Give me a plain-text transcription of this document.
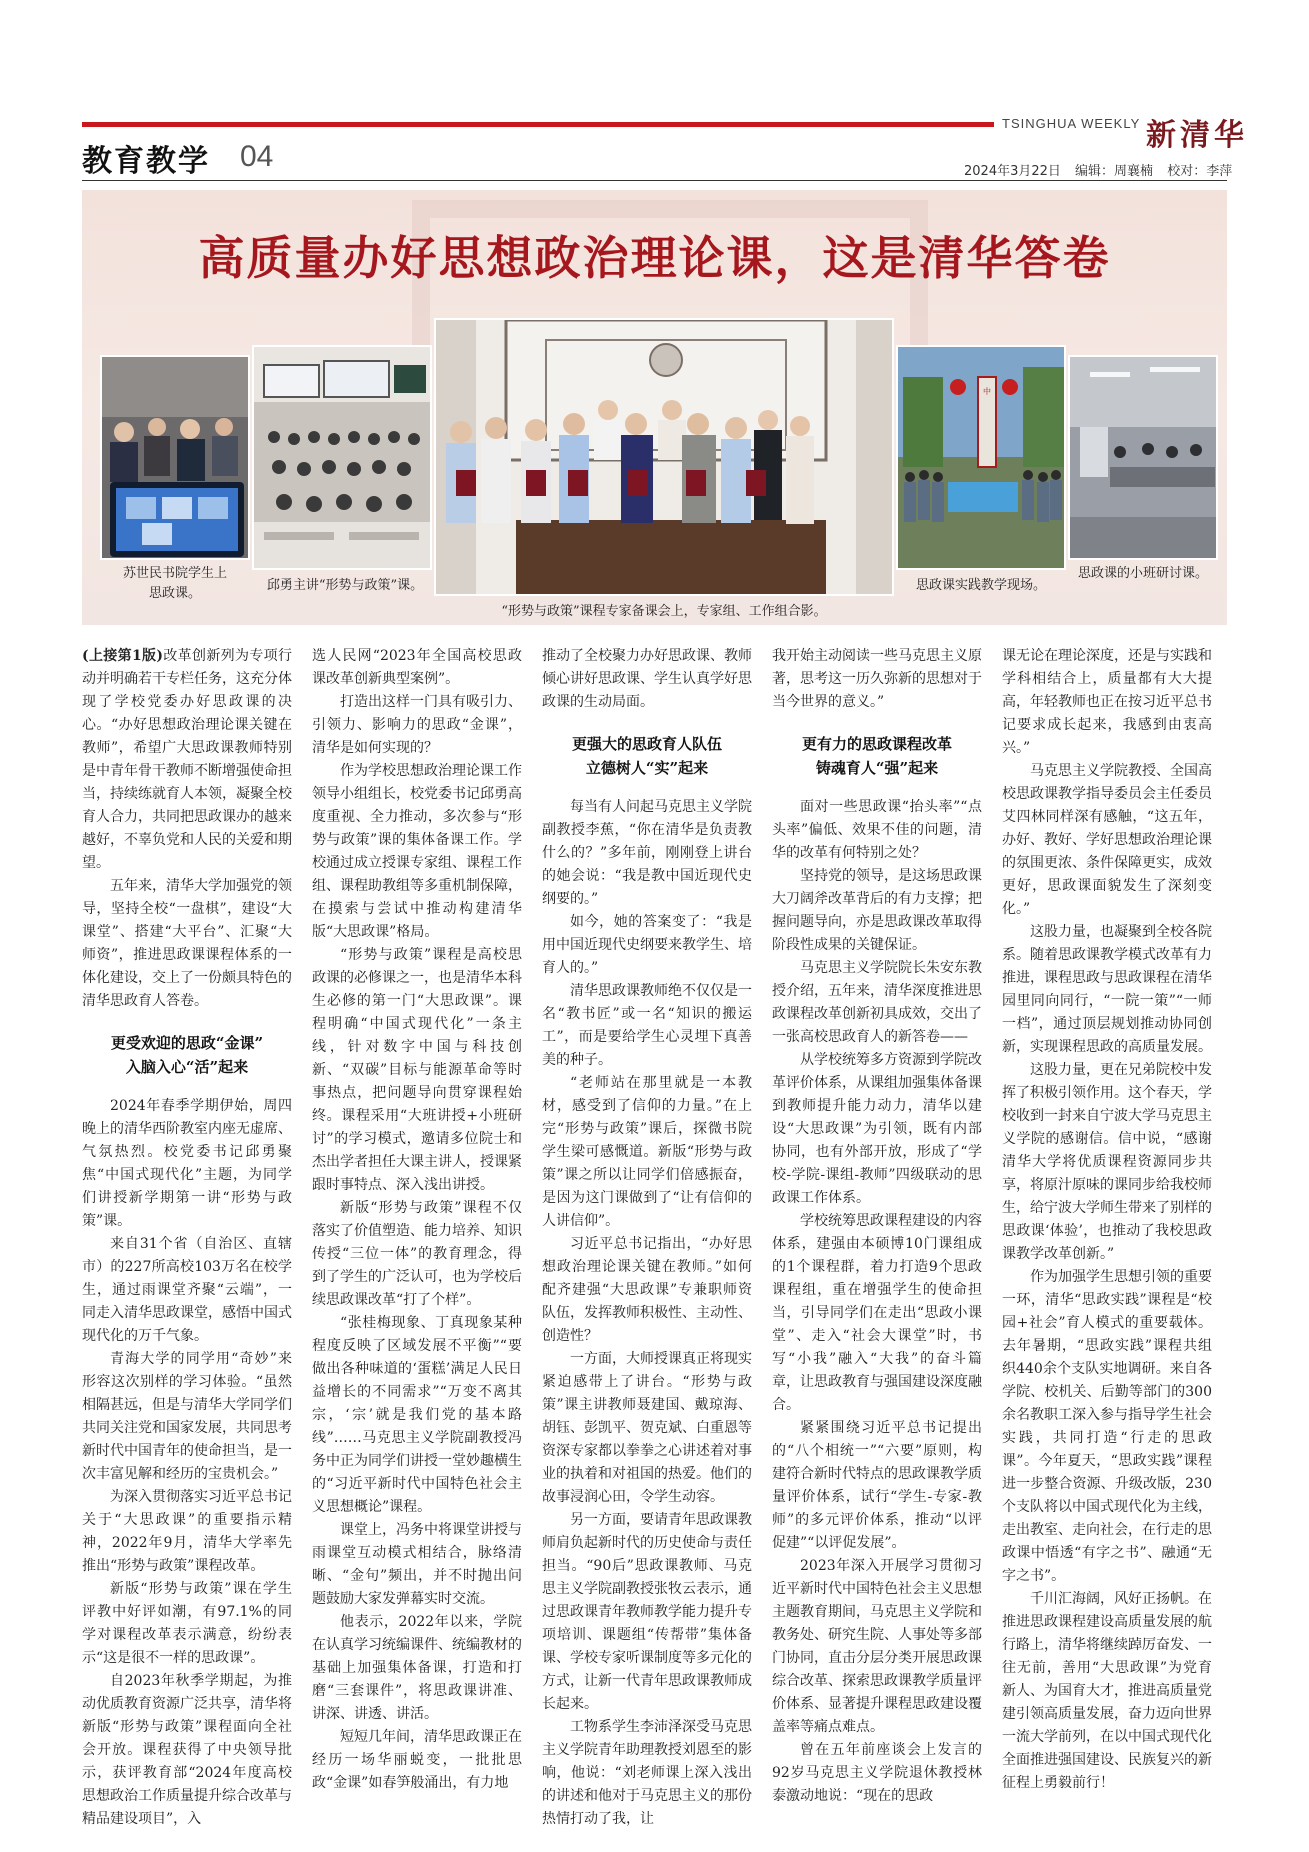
TSINGHUA WEEKLY 新清华
教育教学 04	2024年3月22日 编辑：周襄楠 校对：李萍
高质量办好思想政治理论课，这是清华答卷
中
苏世民书院学生上思政课。
邱勇主讲“形势与政策”课。
“形势与政策”课程专家备课会上，专家组、工作组合影。
思政课实践教学现场。
思政课的小班研讨课。

(上接第1版)改革创新列为专项行动并明确若干专栏任务，这充分体现了学校党委办好思政课的决心。“办好思想政治理论课关键在教师”，希望广大思政课教师特别是中青年骨干教师不断增强使命担当，持续练就育人本领，凝聚全校育人合力，共同把思政课办的越来越好，不辜负党和人民的关爱和期望。

五年来，清华大学加强党的领导，坚持全校“一盘棋”，建设“大课堂”、搭建“大平台”、汇聚“大师资”，推进思政课课程体系的一体化建设，交上了一份颇具特色的清华思政育人答卷。

更受欢迎的思政“金课”
入脑入心“活”起来

2024年春季学期伊始，周四晚上的清华西阶教室内座无虚席、气氛热烈。校党委书记邱勇聚焦“中国式现代化”主题，为同学们讲授新学期第一讲“形势与政策”课。

来自31个省（自治区、直辖市）的227所高校103万名在校学生，通过雨课堂齐聚“云端”，一同走入清华思政课堂，感悟中国式现代化的万千气象。

青海大学的同学用“奇妙”来形容这次别样的学习体验。“虽然相隔甚远，但是与清华大学同学们共同关注党和国家发展，共同思考新时代中国青年的使命担当，是一次丰富见解和经历的宝贵机会。”

为深入贯彻落实习近平总书记关于“大思政课”的重要指示精神，2022年9月，清华大学率先推出“形势与政策”课程改革。

新版“形势与政策”课在学生评教中好评如潮，有97.1%的同学对课程改革表示满意，纷纷表示“这是很不一样的思政课”。

自2023年秋季学期起，为推动优质教育资源广泛共享，清华将新版“形势与政策”课程面向全社会开放。课程获得了中央领导批示，获评教育部“2024年度高校思想政治工作质量提升综合改革与精品建设项目”，入

选人民网“2023年全国高校思政课改革创新典型案例”。

打造出这样一门具有吸引力、引领力、影响力的思政“金课”，清华是如何实现的？

作为学校思想政治理论课工作领导小组组长，校党委书记邱勇高度重视、全力推动，多次参与“形势与政策”课的集体备课工作。学校通过成立授课专家组、课程工作组、课程助教组等多重机制保障，在摸索与尝试中推动构建清华版“大思政课”格局。

“形势与政策”课程是高校思政课的必修课之一，也是清华本科生必修的第一门“大思政课”。课程明确“中国式现代化”一条主线，针对数字中国与科技创新、“双碳”目标与能源革命等时事热点，把问题导向贯穿课程始终。课程采用“大班讲授+小班研讨”的学习模式，邀请多位院士和杰出学者担任大课主讲人，授课紧跟时事特点、深入浅出讲授。

新版“形势与政策”课程不仅落实了价值塑造、能力培养、知识传授“三位一体”的教育理念，得到了学生的广泛认可，也为学校后续思政课改革“打了个样”。

“张桂梅现象、丁真现象某种程度反映了区域发展不平衡”“要做出各种味道的‘蛋糕’满足人民日益增长的不同需求”“万变不离其宗，‘宗’就是我们党的基本路线”……马克思主义学院副教授冯务中正为同学们讲授一堂妙趣横生的“习近平新时代中国特色社会主义思想概论”课程。

课堂上，冯务中将课堂讲授与雨课堂互动模式相结合，脉络清晰、“金句”频出，并不时抛出问题鼓励大家发弹幕实时交流。

他表示，2022年以来，学院在认真学习统编课件、统编教材的基础上加强集体备课，打造和打磨“三套课件”，将思政课讲准、讲深、讲透、讲活。

短短几年间，清华思政课正在经历一场华丽蜕变，一批批思政“金课”如春笋般涌出，有力地

推动了全校聚力办好思政课、教师倾心讲好思政课、学生认真学好思政课的生动局面。

更强大的思政育人队伍
立德树人“实”起来

每当有人问起马克思主义学院副教授李蕉，“你在清华是负责教什么的？”多年前，刚刚登上讲台的她会说：“我是教中国近现代史纲要的。”

如今，她的答案变了：“我是用中国近现代史纲要来教学生、培育人的。”

清华思政课教师绝不仅仅是一名“教书匠”或一名“知识的搬运工”，而是要给学生心灵埋下真善美的种子。

“老师站在那里就是一本教材，感受到了信仰的力量。”在上完“形势与政策”课后，探微书院学生梁可感慨道。新版“形势与政策”课之所以让同学们倍感振奋，是因为这门课做到了“让有信仰的人讲信仰”。

习近平总书记指出，“办好思想政治理论课关键在教师。”如何配齐建强“大思政课”专兼职师资队伍，发挥教师积极性、主动性、创造性？

一方面，大师授课真正将现实紧迫感带上了讲台。“形势与政策”课主讲教师聂建国、戴琼海、胡钰、彭凯平、贺克斌、白重恩等资深专家都以拳拳之心讲述着对事业的执着和对祖国的热爱。他们的故事浸润心田，令学生动容。

另一方面，要请青年思政课教师肩负起新时代的历史使命与责任担当。“90后”思政课教师、马克思主义学院副教授张牧云表示，通过思政课青年教师教学能力提升专项培训、课题组“传帮带”集体备课、学校专家听课制度等多元化的方式，让新一代青年思政课教师成长起来。

工物系学生李沛泽深受马克思主义学院青年助理教授刘恩至的影响，他说：“刘老师课上深入浅出的讲述和他对于马克思主义的那份热情打动了我，让

我开始主动阅读一些马克思主义原著，思考这一历久弥新的思想对于当今世界的意义。”

更有力的思政课程改革
铸魂育人“强”起来

面对一些思政课“抬头率”“点头率”偏低、效果不佳的问题，清华的改革有何特别之处？

坚持党的领导，是这场思政课大刀阔斧改革背后的有力支撑；把握问题导向，亦是思政课改革取得阶段性成果的关键保证。

马克思主义学院院长朱安东教授介绍，五年来，清华深度推进思政课程改革创新初具成效，交出了一张高校思政育人的新答卷——

从学校统筹多方资源到学院改革评价体系，从课组加强集体备课到教师提升能力动力，清华以建设“大思政课”为引领，既有内部协同，也有外部开放，形成了“学校-学院-课组-教师”四级联动的思政课工作体系。

学校统筹思政课程建设的内容体系，建强由本硕博10门课组成的1个课程群，着力打造9个思政课程组，重在增强学生的使命担当，引导同学们在走出“思政小课堂”、走入“社会大课堂”时，书写“小我”融入“大我”的奋斗篇章，让思政教育与强国建设深度融合。

紧紧围绕习近平总书记提出的“八个相统一”“六要”原则，构建符合新时代特点的思政课教学质量评价体系，试行“学生-专家-教师”的多元评价体系，推动“以评促建”“以评促发展”。

2023年深入开展学习贯彻习近平新时代中国特色社会主义思想主题教育期间，马克思主义学院和教务处、研究生院、人事处等多部门协同，直击分层分类开展思政课综合改革、探索思政课教学质量评价体系、显著提升课程思政建设覆盖率等痛点难点。

曾在五年前座谈会上发言的92岁马克思主义学院退休教授林泰激动地说：“现在的思政

课无论在理论深度，还是与实践和学科相结合上，质量都有大大提高，年轻教师也正在按习近平总书记要求成长起来，我感到由衷高兴。”

马克思主义学院教授、全国高校思政课教学指导委员会主任委员艾四林同样深有感触，“这五年，办好、教好、学好思想政治理论课的氛围更浓、条件保障更实，成效更好，思政课面貌发生了深刻变化。”

这股力量，也凝聚到全校各院系。随着思政课教学模式改革有力推进，课程思政与思政课程在清华园里同向同行，“一院一策”“一师一档”，通过顶层规划推动协同创新，实现课程思政的高质量发展。

这股力量，更在兄弟院校中发挥了积极引领作用。这个春天，学校收到一封来自宁波大学马克思主义学院的感谢信。信中说，“感谢清华大学将优质课程资源同步共享，将原汁原味的课同步给我校师生，给宁波大学师生带来了别样的思政课‘体验’，也推动了我校思政课教学改革创新。”

作为加强学生思想引领的重要一环，清华“思政实践”课程是“校园+社会”育人模式的重要载体。去年暑期，“思政实践”课程共组织440余个支队实地调研。来自各学院、校机关、后勤等部门的300余名教职工深入参与指导学生社会实践，共同打造“行走的思政课”。今年夏天，“思政实践”课程进一步整合资源、升级改版，230个支队将以中国式现代化为主线，走出教室、走向社会，在行走的思政课中悟透“有字之书”、融通“无字之书”。

千川汇海阔，风好正扬帆。在推进思政课程建设高质量发展的航行路上，清华将继续踔厉奋发、一往无前，善用“大思政课”为党育新人、为国育大才，推进高质量党建引领高质量发展，奋力迈向世界一流大学前列，在以中国式现代化全面推进强国建设、民族复兴的新征程上勇毅前行！
